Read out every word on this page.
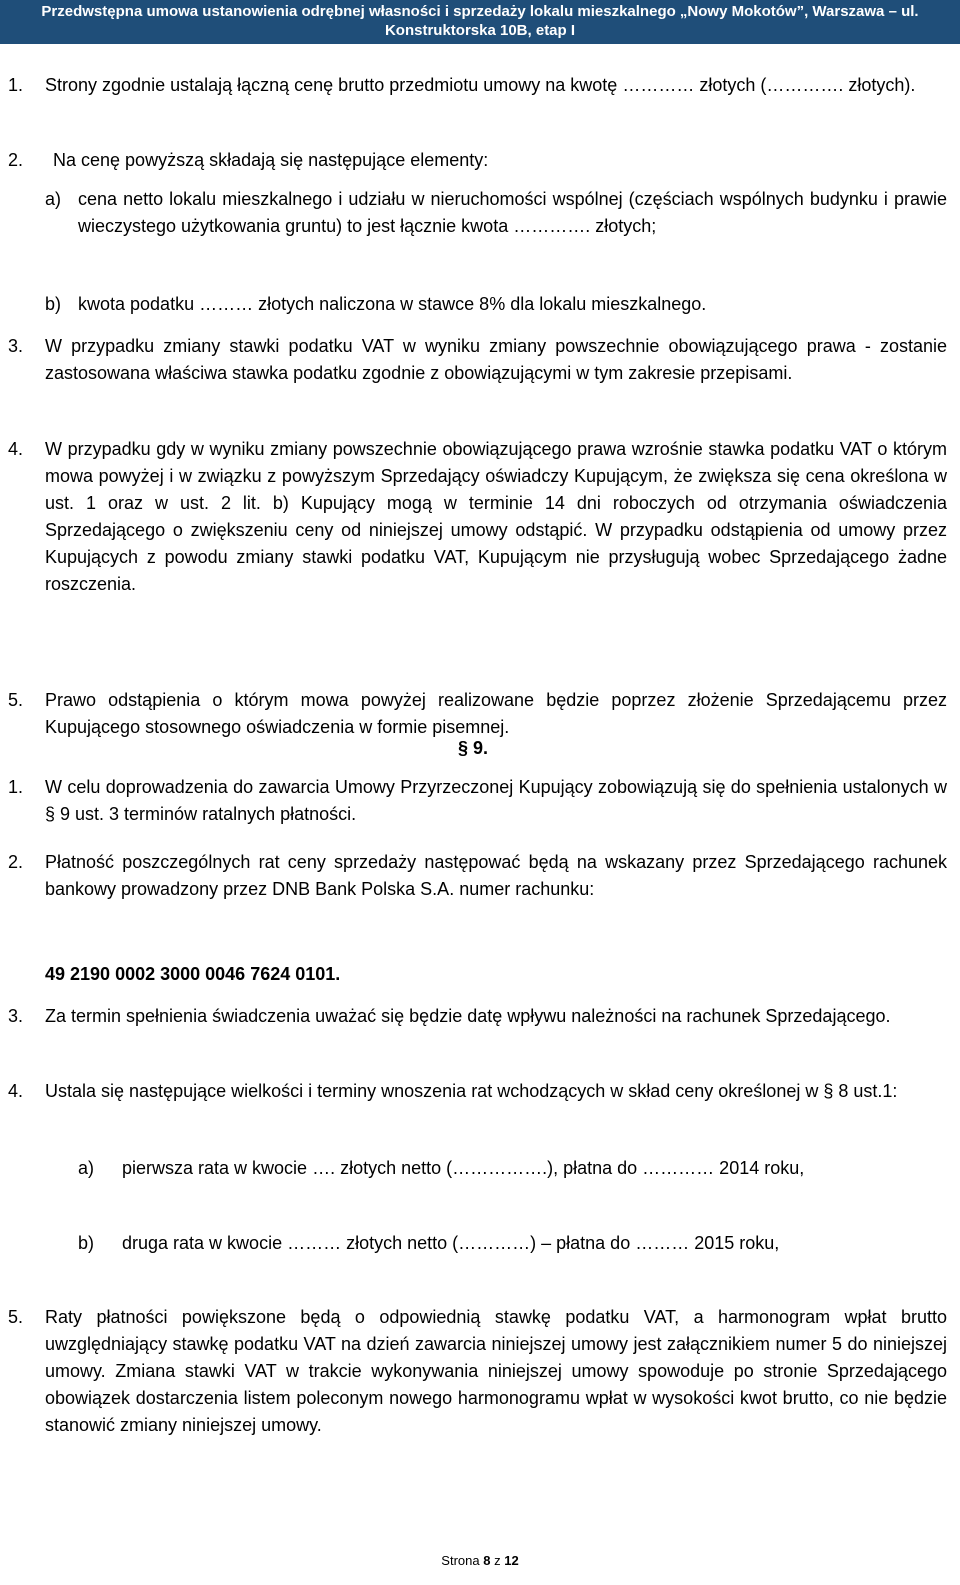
Przedwstępna umowa ustanowienia odrębnej własności i sprzedaży lokalu mieszkalnego „Nowy Mokotów”, Warszawa – ul.
Konstruktorska 10B, etap I
1. Strony zgodnie ustalają łączną cenę brutto przedmiotu umowy na kwotę ………… złotych (…………. złotych).
2. Na cenę powyższą składają się następujące elementy:
a) cena netto lokalu mieszkalnego i udziału w nieruchomości wspólnej (częściach wspólnych budynku i prawie wieczystego użytkowania gruntu) to jest łącznie kwota …………. złotych;
b) kwota podatku ……… złotych naliczona w stawce 8% dla lokalu mieszkalnego.
3. W przypadku zmiany stawki podatku VAT w wyniku zmiany powszechnie obowiązującego prawa - zostanie zastosowana właściwa stawka podatku zgodnie z obowiązującymi w tym zakresie przepisami.
4. W przypadku gdy w wyniku zmiany powszechnie obowiązującego prawa wzrośnie stawka podatku VAT o którym mowa powyżej i w związku z powyższym Sprzedający oświadczy Kupującym, że zwiększa się cena określona w ust. 1 oraz w ust. 2 lit. b) Kupujący mogą w terminie 14 dni roboczych od otrzymania oświadczenia Sprzedającego o zwiększeniu ceny od niniejszej umowy odstąpić. W przypadku odstąpienia od umowy przez Kupujących z powodu zmiany stawki podatku VAT, Kupującym nie przysługują wobec Sprzedającego żadne roszczenia.
5. Prawo odstąpienia o którym mowa powyżej realizowane będzie poprzez złożenie Sprzedającemu przez Kupującego stosownego oświadczenia w formie pisemnej.
§ 9.
1. W celu doprowadzenia do zawarcia Umowy Przyrzeczonej Kupujący zobowiązują się do spełnienia ustalonych w § 9 ust. 3 terminów ratalnych płatności.
2. Płatność poszczególnych rat ceny sprzedaży następować będą na wskazany przez Sprzedającego rachunek bankowy prowadzony przez DNB Bank Polska S.A. numer rachunku:
49 2190 0002 3000 0046 7624 0101.
3. Za termin spełnienia świadczenia uważać się będzie datę wpływu należności na rachunek Sprzedającego.
4. Ustala się następujące wielkości i terminy wnoszenia rat wchodzących w skład ceny określonej w § 8 ust.1:
a) pierwsza rata w kwocie …. złotych netto (…………….), płatna do ………… 2014 roku,
b) druga rata w kwocie ……… złotych netto (…………) – płatna do ……… 2015 roku,
5. Raty płatności powiększone będą o odpowiednią stawkę podatku VAT, a harmonogram wpłat brutto uwzględniający stawkę podatku VAT na dzień zawarcia niniejszej umowy jest załącznikiem numer 5 do niniejszej umowy. Zmiana stawki VAT w trakcie wykonywania niniejszej umowy spowoduje po stronie Sprzedającego obowiązek dostarczenia listem poleconym nowego harmonogramu wpłat w wysokości kwot brutto, co nie będzie stanowić zmiany niniejszej umowy.
Strona 8 z 12
